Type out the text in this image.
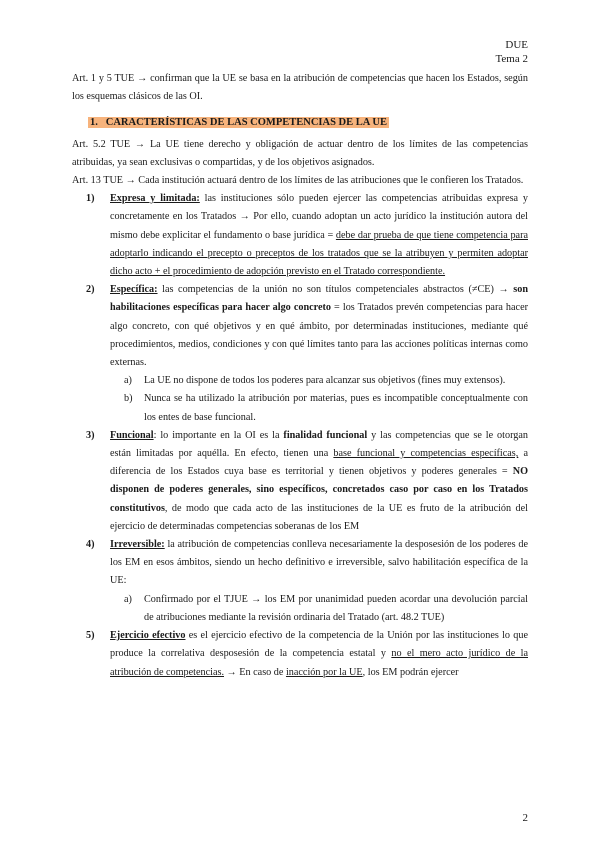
DUE
Tema 2

Art. 1 y 5 TUE → confirman que la UE se basa en la atribución de competencias que hacen los Estados, según los esquemas clásicos de las OI.

1. CARACTERÍSTICAS DE LAS COMPETENCIAS DE LA UE

Art. 5.2 TUE → La UE tiene derecho y obligación de actuar dentro de los límites de las competencias atribuidas, ya sean exclusivas o compartidas, y de los objetivos asignados.

Art. 13 TUE → Cada institución actuará dentro de los límites de las atribuciones que le confieren los Tratados.

1) Expresa y limitada: las instituciones sólo pueden ejercer las competencias atribuidas expresa y concretamente en los Tratados → Por ello, cuando adoptan un acto jurídico la institución autora del mismo debe explicitar el fundamento o base jurídica = debe dar prueba de que tiene competencia para adoptarlo indicando el precepto o preceptos de los tratados que se la atribuyen y permiten adoptar dicho acto + el procedimiento de adopción previsto en el Tratado correspondiente.

2) Específica: las competencias de la unión no son títulos competenciales abstractos (≠CE) → son habilitaciones específicas para hacer algo concreto = los Tratados prevén competencias para hacer algo concreto, con qué objetivos y en qué ámbito, por determinadas instituciones, mediante qué procedimientos, medios, condiciones y con qué límites tanto para las acciones políticas internas como externas.

a) La UE no dispone de todos los poderes para alcanzar sus objetivos (fines muy extensos).

b) Nunca se ha utilizado la atribución por materias, pues es incompatible conceptualmente con los entes de base funcional.

3) Funcional: lo importante en la OI es la finalidad funcional y las competencias que se le otorgan están limitadas por aquélla. En efecto, tienen una base funcional y competencias específicas, a diferencia de los Estados cuya base es territorial y tienen objetivos y poderes generales = NO disponen de poderes generales, sino específicos, concretados caso por caso en los Tratados constitutivos, de modo que cada acto de las instituciones de la UE es fruto de la atribución del ejercicio de determinadas competencias soberanas de los EM

4) Irreversible: la atribución de competencias conlleva necesariamente la desposesión de los poderes de los EM en esos ámbitos, siendo un hecho definitivo e irreversible, salvo habilitación específica de la UE:

a) Confirmado por el TJUE → los EM por unanimidad pueden acordar una devolución parcial de atribuciones mediante la revisión ordinaria del Tratado (art. 48.2 TUE)

5) Ejercicio efectivo es el ejercicio efectivo de la competencia de la Unión por las instituciones lo que produce la correlativa desposesión de la competencia estatal y no el mero acto jurídico de la atribución de competencias. → En caso de inacción por la UE, los EM podrán ejercer

2
